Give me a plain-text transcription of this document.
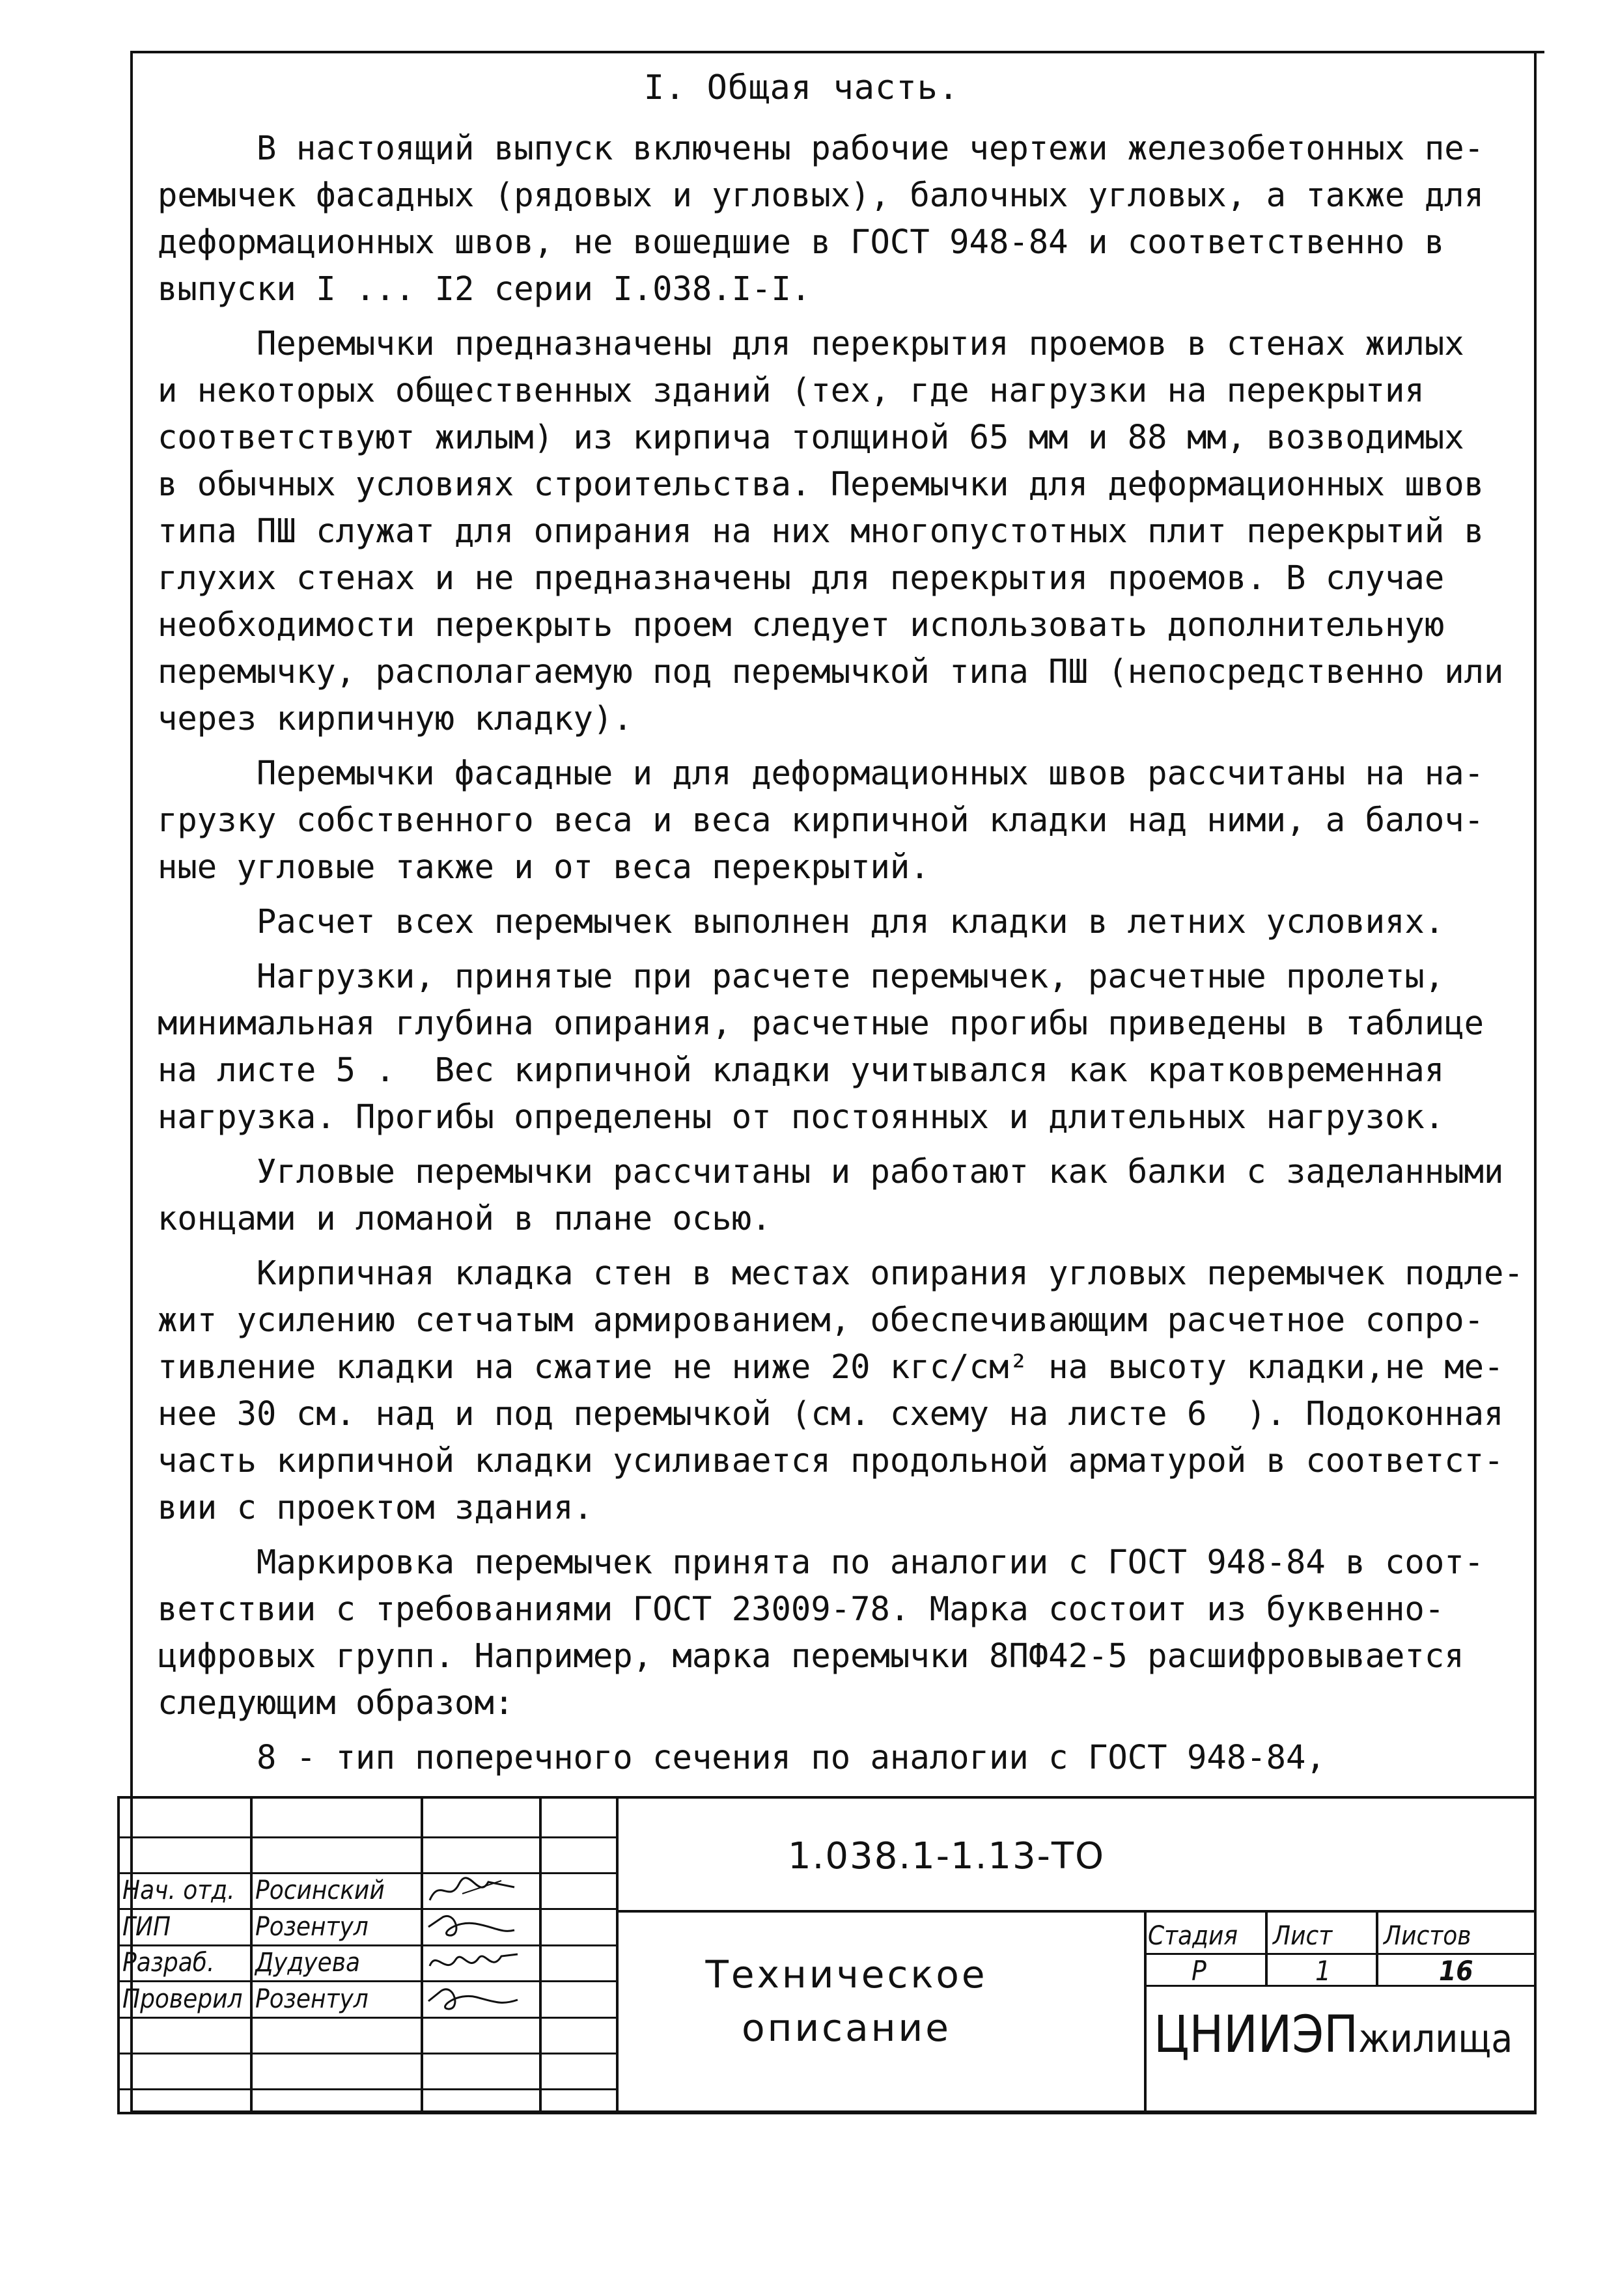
I. Общая часть.
В настоящий выпуск включены рабочие чертежи железобетонных пе-
ремычек фасадных (рядовых и угловых), балочных угловых, а также для
деформационных швов, не вошедшие в ГОСТ 948-84 и соответственно в
выпуски I ... I2 серии I.038.I-I.
Перемычки предназначены для перекрытия проемов в стенах жилых
и некоторых общественных зданий (тех, где нагрузки на перекрытия
соответствуют жилым) из кирпича толщиной 65 мм и 88 мм, возводимых
в обычных условиях строительства. Перемычки для деформационных швов
типа ПШ служат для опирания на них многопустотных плит перекрытий в
глухих стенах и не предназначены для перекрытия проемов. В случае
необходимости перекрыть проем следует использовать дополнительную
перемычку, располагаемую под перемычкой типа ПШ (непосредственно или
через кирпичную кладку).
Перемычки фасадные и для деформационных швов рассчитаны на на-
грузку собственного веса и веса кирпичной кладки над ними, а балоч-
ные угловые также и от веса перекрытий.
Расчет всех перемычек выполнен для кладки в летних условиях.
Нагрузки, принятые при расчете перемычек, расчетные пролеты,
минимальная глубина опирания, расчетные прогибы приведены в таблице
на листе 5 .  Вес кирпичной кладки учитывался как кратковременная
нагрузка. Прогибы определены от постоянных и длительных нагрузок.
Угловые перемычки рассчитаны и работают как балки с заделанными
концами и ломаной в плане осью.
Кирпичная кладка стен в местах опирания угловых перемычек подле-
жит усилению сетчатым армированием, обеспечивающим расчетное сопро-
тивление кладки на сжатие не ниже 20 кгс/см² на высоту кладки,не ме-
нее 30 см. над и под перемычкой (см. схему на листе 6  ). Подоконная
часть кирпичной кладки усиливается продольной арматурой в соответст-
вии с проектом здания.
Маркировка перемычек принята по аналогии с ГОСТ 948-84 в соот-
ветствии с требованиями ГОСТ 23009-78. Марка состоит из буквенно-
цифровых групп. Например, марка перемычки 8ПФ42-5 расшифровывается
следующим образом:
8 - тип поперечного сечения по аналогии с ГОСТ 948-84,
Нач. отд. Росинский
ГИП	Розентул
Разраб. Дудуева
Проверил Розентул
1.038.1-1.13-ТО
Техническое
описание
Стадия Лист Листов
Р	1	16
ЦНИИЭПжилища
